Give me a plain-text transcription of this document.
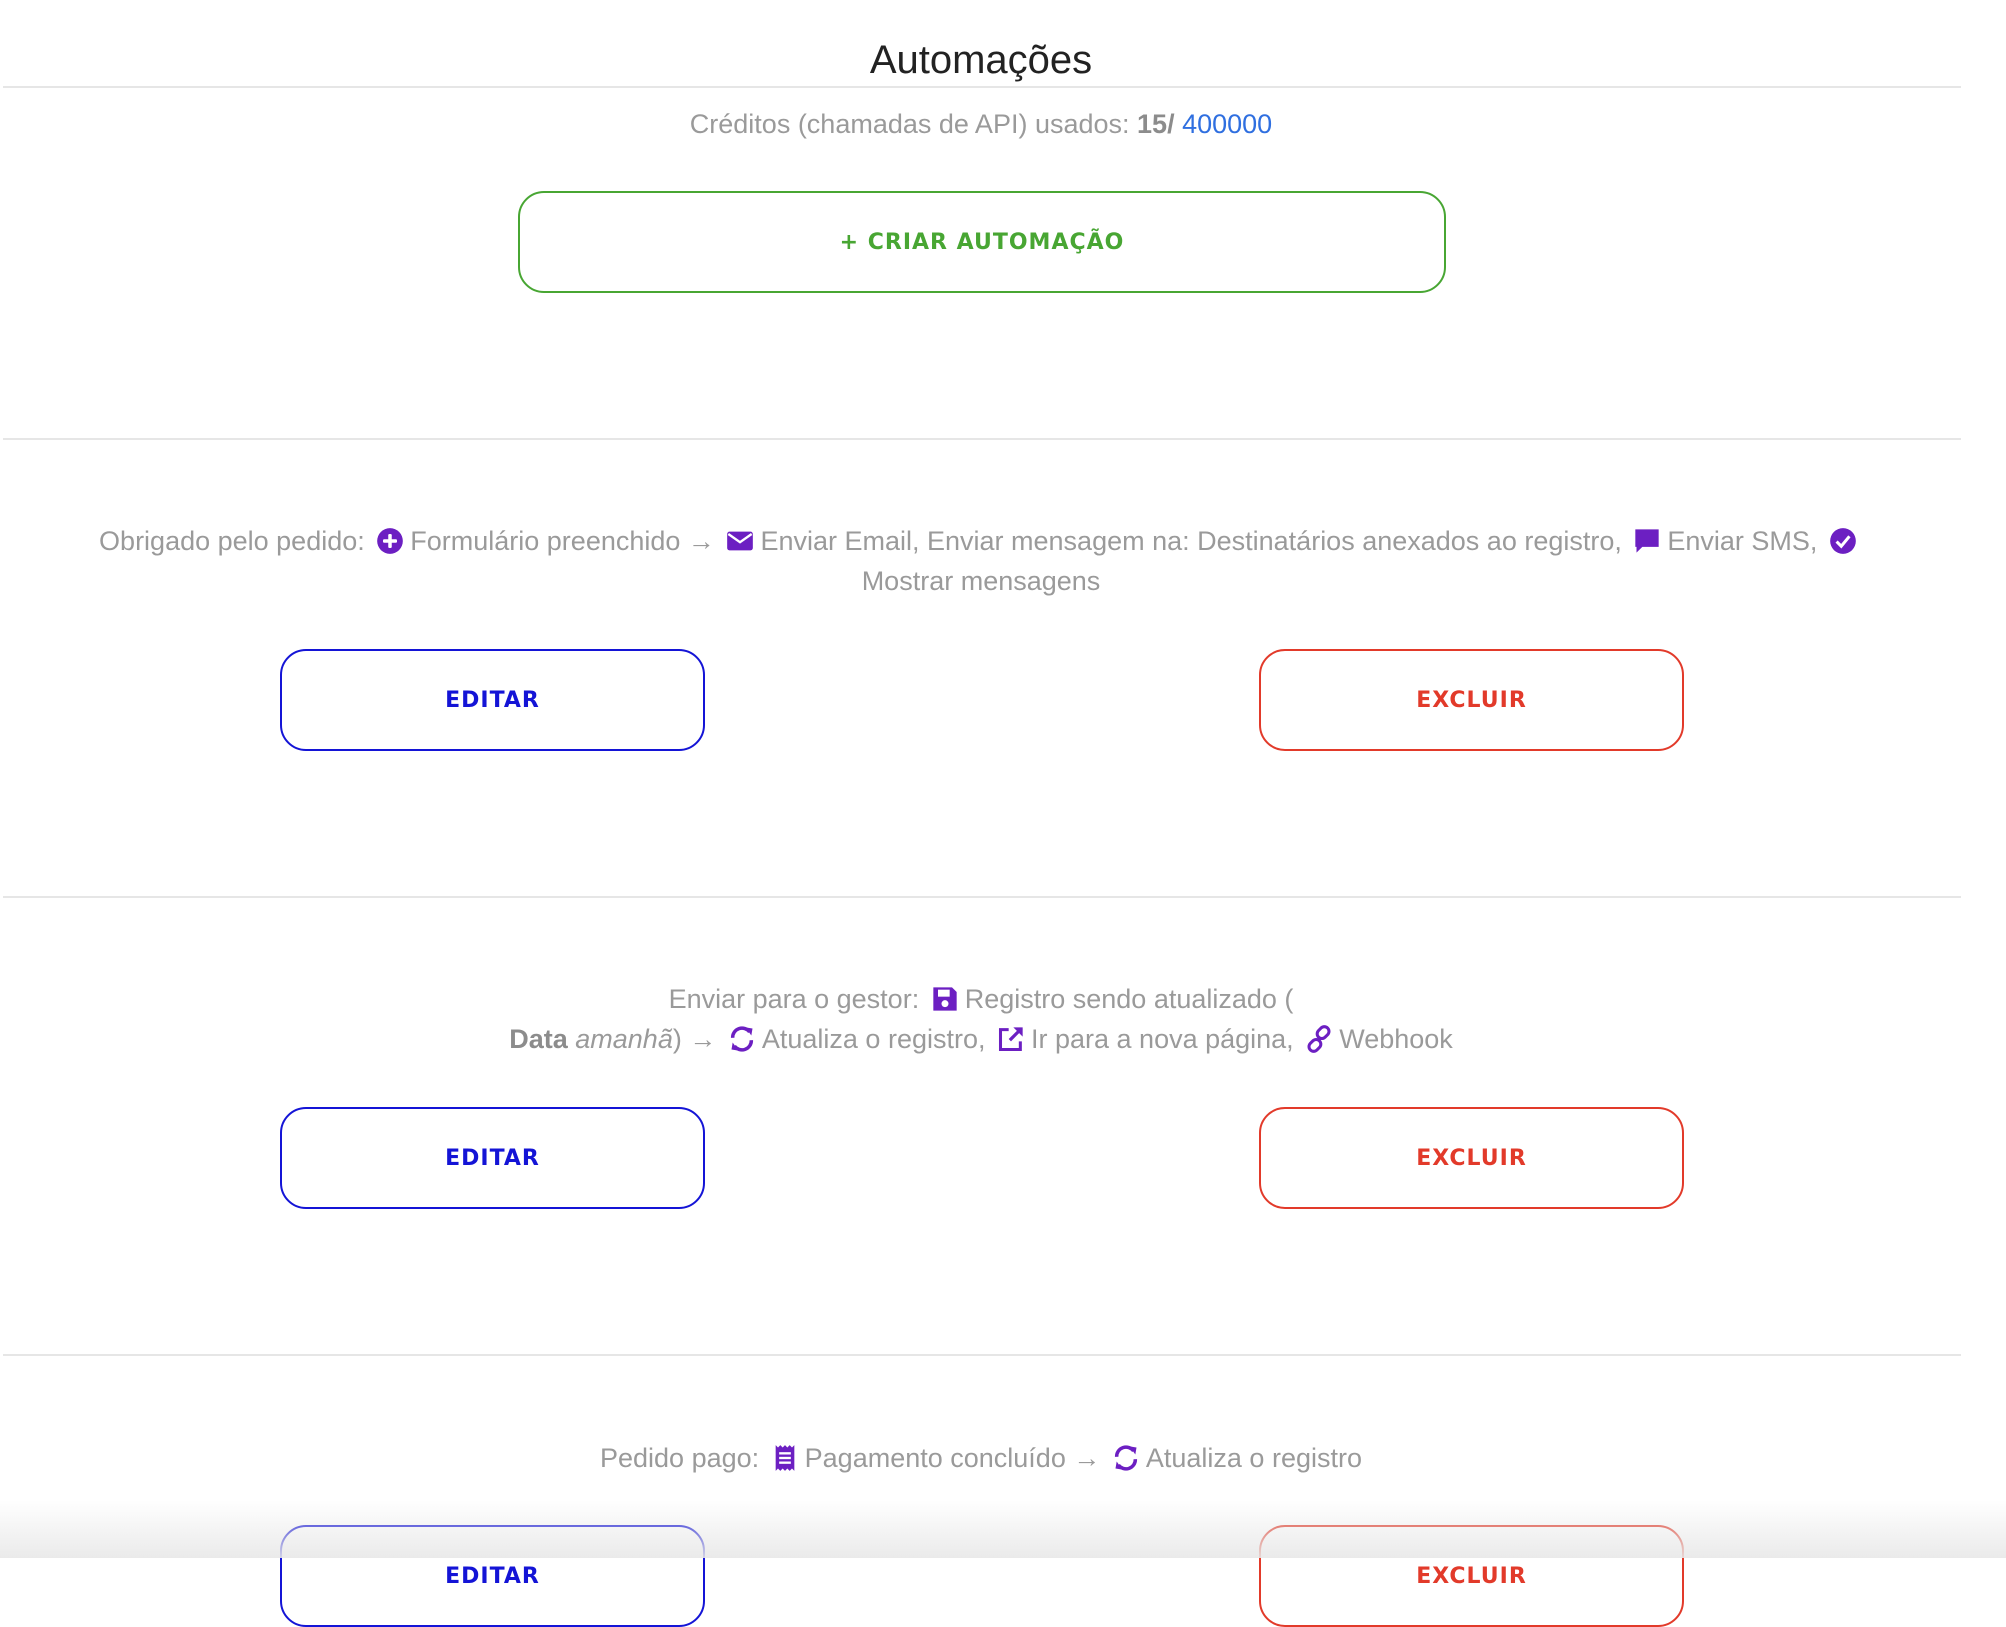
Automações
Créditos (chamadas de API) usados: 15/ 400000
+ CRIAR AUTOMAÇÃO
Obrigado pelo pedido: Formulário preenchido → Enviar Email, Enviar mensagem na: Destinatários anexados ao registro, Enviar SMS,

Mostrar mensagens
EDITAR	EXCLUIR
Enviar para o gestor: Registro sendo atualizado (
Data amanhã) → Atualiza o registro, Ir para a nova página, Webhook
EDITAR	EXCLUIR
Pedido pago: Pagamento concluído → Atualiza o registro
EDITAR	EXCLUIR
